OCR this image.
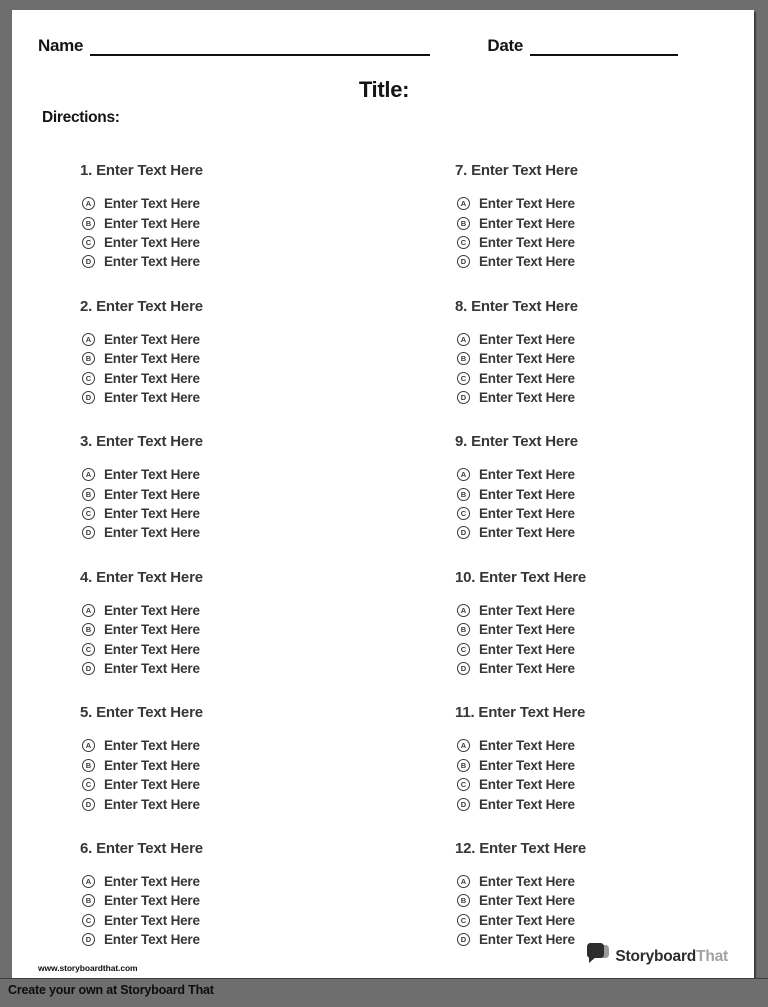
Name	Date
Title:
Directions:
1. Enter Text Here
A Enter Text Here
B Enter Text Here
C Enter Text Here
D Enter Text Here
2. Enter Text Here
A Enter Text Here
B Enter Text Here
C Enter Text Here
D Enter Text Here
3. Enter Text Here
A Enter Text Here
B Enter Text Here
C Enter Text Here
D Enter Text Here
4. Enter Text Here
A Enter Text Here
B Enter Text Here
C Enter Text Here
D Enter Text Here
5. Enter Text Here
A Enter Text Here
B Enter Text Here
C Enter Text Here
D Enter Text Here
6. Enter Text Here
A Enter Text Here
B Enter Text Here
C Enter Text Here
D Enter Text Here
7. Enter Text Here
A Enter Text Here
B Enter Text Here
C Enter Text Here
D Enter Text Here
8. Enter Text Here
A Enter Text Here
B Enter Text Here
C Enter Text Here
D Enter Text Here
9. Enter Text Here
A Enter Text Here
B Enter Text Here
C Enter Text Here
D Enter Text Here
10. Enter Text Here
A Enter Text Here
B Enter Text Here
C Enter Text Here
D Enter Text Here
11. Enter Text Here
A Enter Text Here
B Enter Text Here
C Enter Text Here
D Enter Text Here
12. Enter Text Here
A Enter Text Here
B Enter Text Here
C Enter Text Here
D Enter Text Here
www.storyboardthat.com
StoryboardThat
Create your own at Storyboard That
